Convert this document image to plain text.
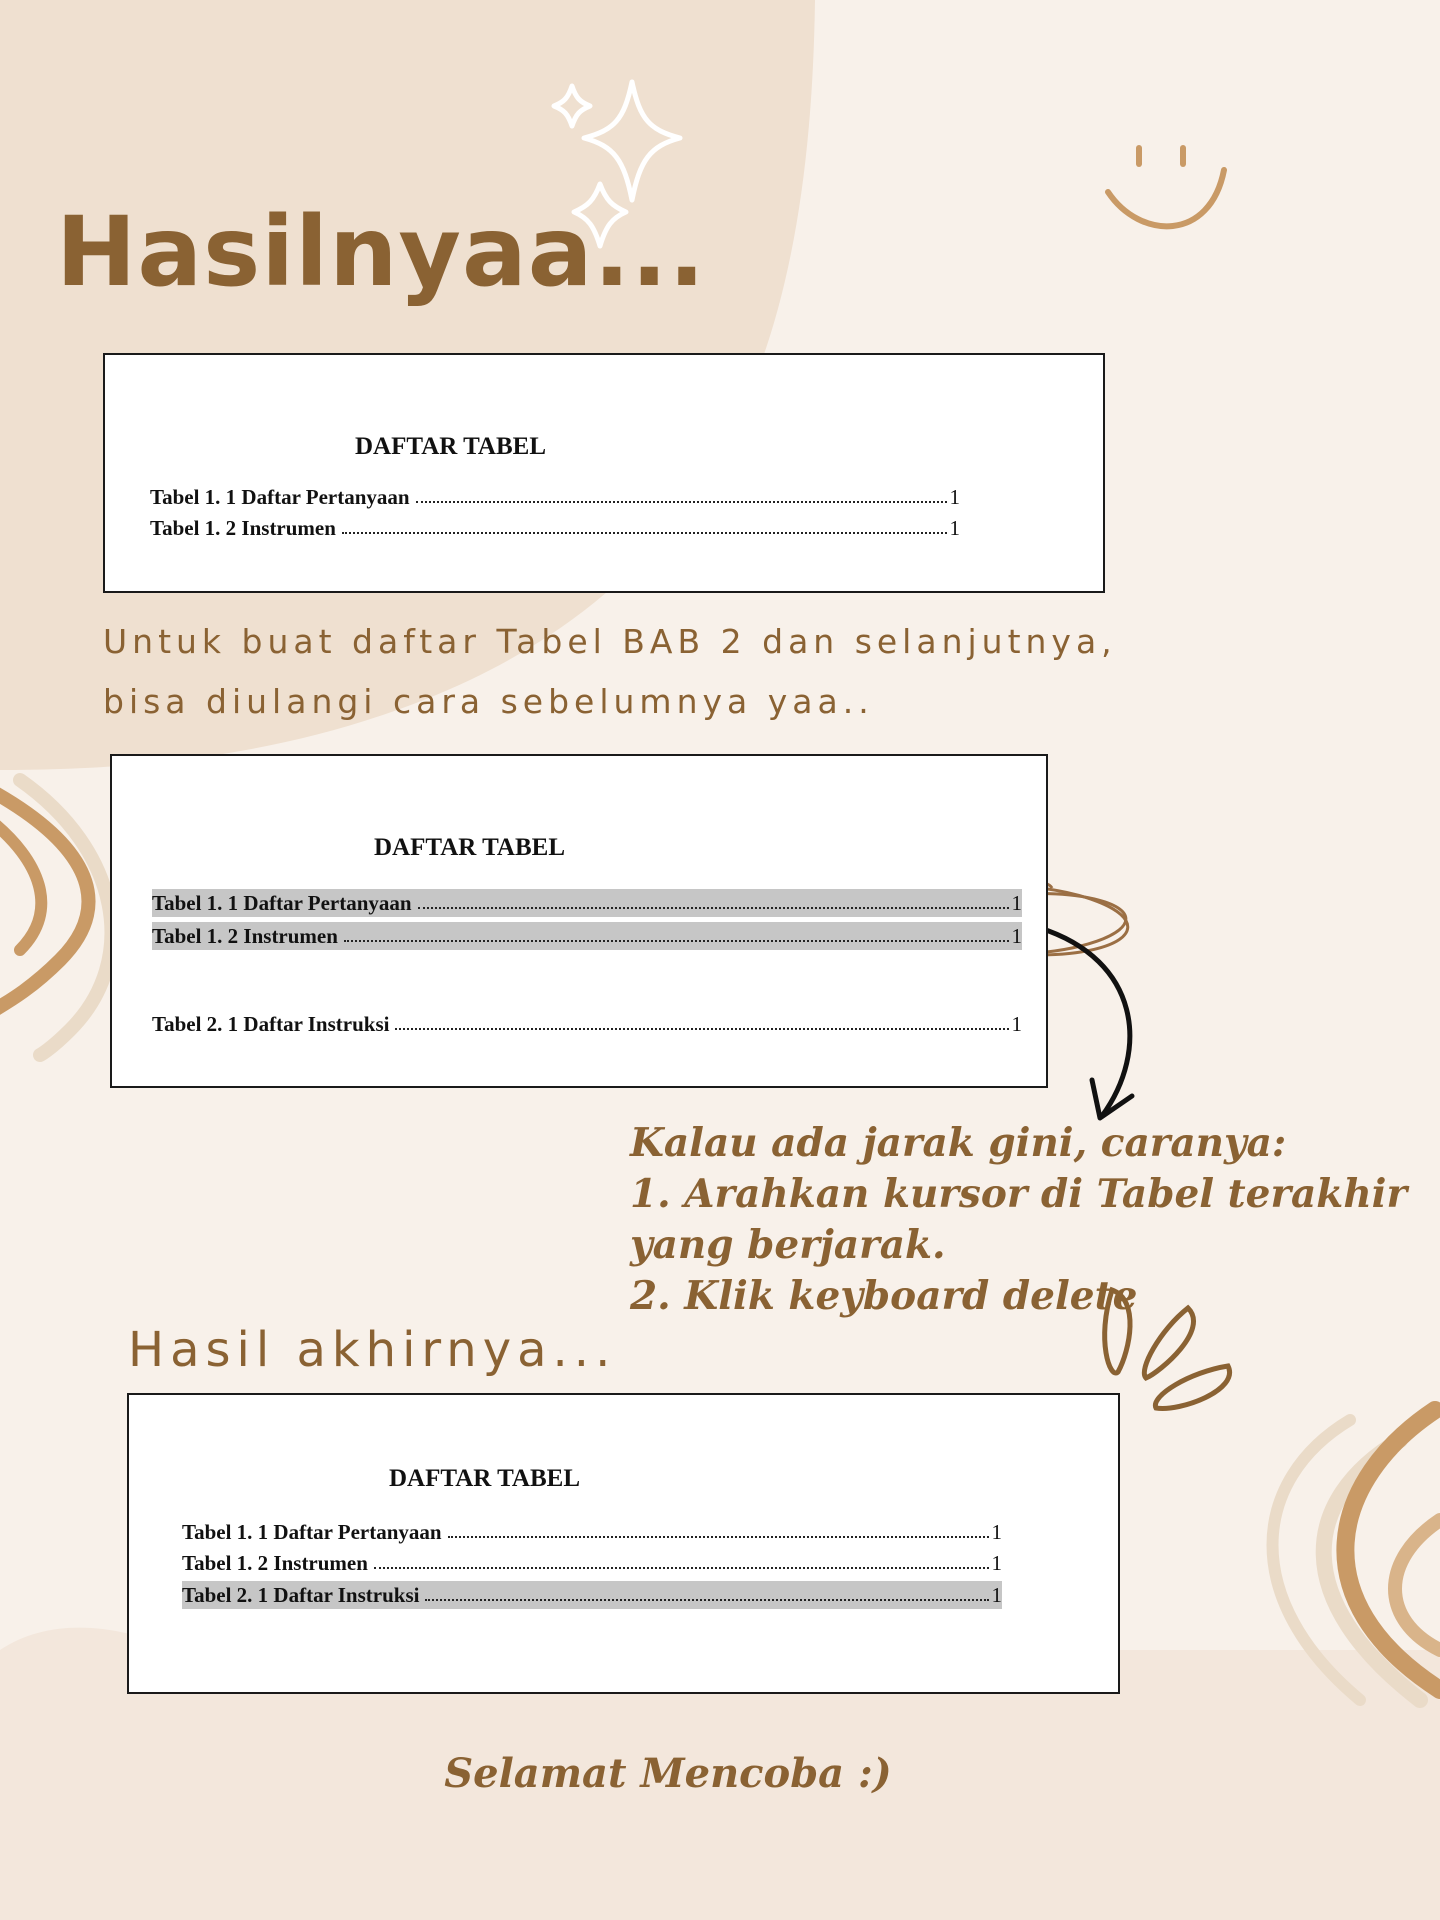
Hasilnyaa...
DAFTAR TABEL
Tabel 1. 1 Daftar Pertanyaan	1
Tabel 1. 2 Instrumen	1

Untuk buat daftar Tabel BAB 2 dan selanjutnya,

bisa diulangi cara sebelumnya yaa..

DAFTAR TABEL
Tabel 1. 1 Daftar Pertanyaan	1
Tabel 1. 2 Instrumen	1
Tabel 2. 1 Daftar Instruksi	1
Kalau ada jarak gini, caranya:
1. Arahkan kursor di Tabel terakhir
yang berjarak.
2. Klik keyboard delete

Hasil akhirnya...

DAFTAR TABEL
Tabel 1. 1 Daftar Pertanyaan	1
Tabel 1. 2 Instrumen	1
Tabel 2. 1 Daftar Instruksi	1

Selamat Mencoba :)
